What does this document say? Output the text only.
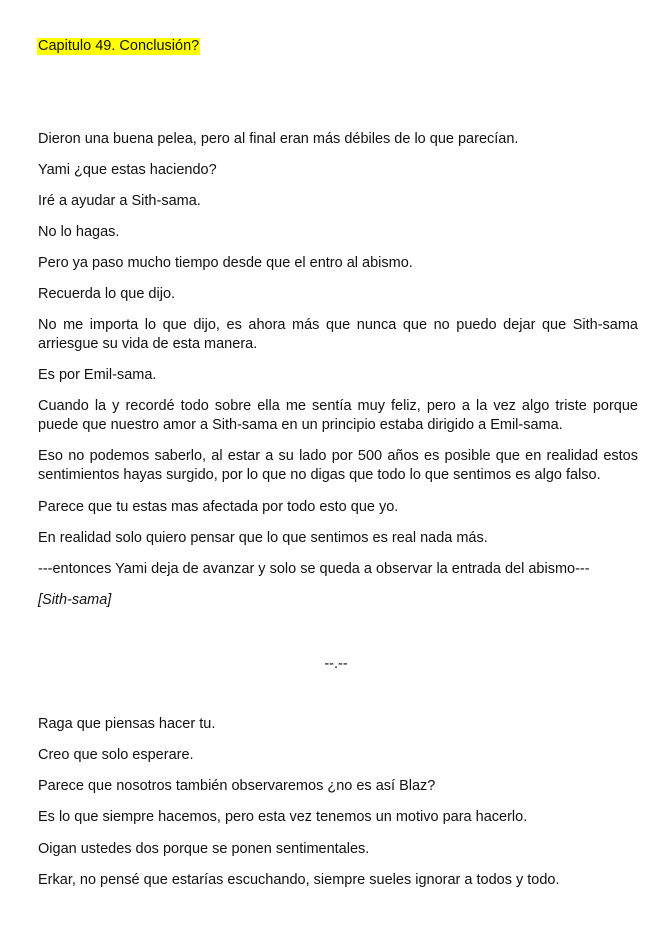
Capitulo 49. Conclusión?

Dieron una buena pelea, pero al final eran más débiles de lo que parecían.

Yami ¿que estas haciendo?

Iré a ayudar a Sith-sama.

No lo hagas.

Pero ya paso mucho tiempo desde que el entro al abismo.

Recuerda lo que dijo.

No me importa lo que dijo, es ahora más que nunca que no puedo dejar que Sith-sama arriesgue su vida de esta manera.

Es por Emil-sama.

Cuando la y recordé todo sobre ella me sentía muy feliz, pero a la vez algo triste porque puede que nuestro amor a Sith-sama en un principio estaba dirigido a Emil-sama.

Eso no podemos saberlo, al estar a su lado por 500 años es posible que en realidad estos sentimientos hayas surgido, por lo que no digas que todo lo que sentimos es algo falso.

Parece que tu estas mas afectada por todo esto que yo.

En realidad solo quiero pensar que lo que sentimos es real nada más.

---entonces Yami deja de avanzar y solo se queda a observar la entrada del abismo---

[Sith-sama]

--.--

Raga que piensas hacer tu.

Creo que solo esperare.

Parece que nosotros también observaremos ¿no es así Blaz?

Es lo que siempre hacemos, pero esta vez tenemos un motivo para hacerlo.

Oigan ustedes dos porque se ponen sentimentales.

Erkar, no pensé que estarías escuchando, siempre sueles ignorar a todos y todo.
